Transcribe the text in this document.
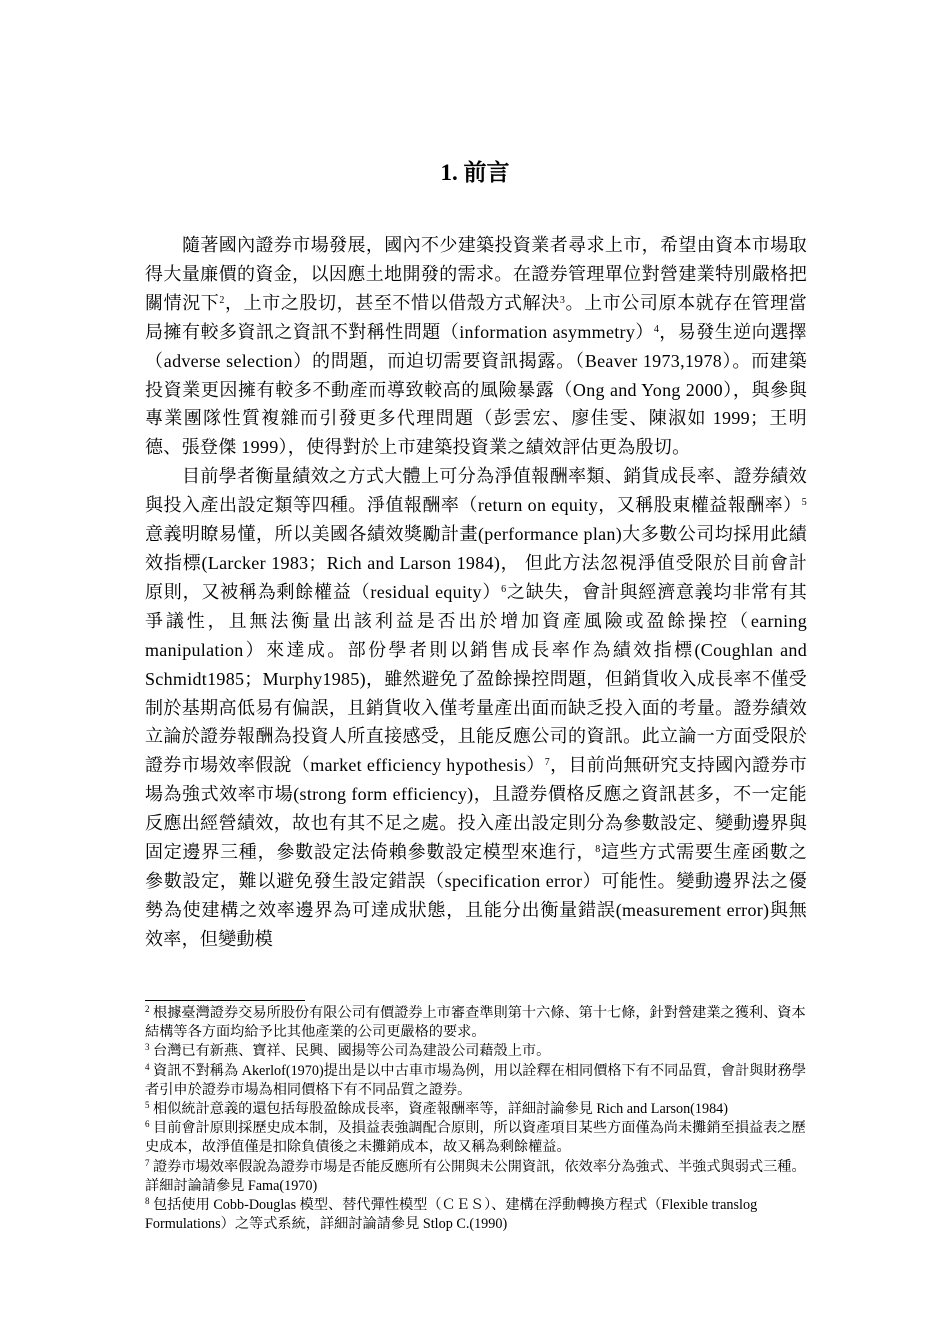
1. 前言

隨著國內證券市場發展，國內不少建築投資業者尋求上市，希望由資本市場取得大量廉價的資金，以因應土地開發的需求。在證券管理單位對營建業特別嚴格把關情況下$^2$，上市之股切，甚至不惜以借殼方式解決$^3$。上市公司原本就存在管理當局擁有較多資訊之資訊不對稱性問題（information asymmetry）$^4$，易發生逆向選擇（adverse selection）的問題，而迫切需要資訊揭露。（Beaver 1973,1978）。而建築投資業更因擁有較多不動產而導致較高的風險暴露（Ong and Yong 2000），與參與專業團隊性質複雜而引發更多代理問題（彭雲宏、廖佳雯、陳淑如 1999；王明德、張登傑 1999），使得對於上市建築投資業之績效評估更為殷切。

目前學者衡量績效之方式大體上可分為淨值報酬率類、銷貨成長率、證券績效與投入產出設定類等四種。淨值報酬率（return on equity，又稱股東權益報酬率）$^5$意義明瞭易懂，所以美國各績效獎勵計畫(performance plan)大多數公司均採用此績效指標(Larcker 1983；Rich and Larson 1984)， 但此方法忽視淨值受限於目前會計原則，又被稱為剩餘權益（residual equity）$^6$之缺失，會計與經濟意義均非常有其爭議性，且無法衡量出該利益是否出於增加資產風險或盈餘操控（earning manipulation）來達成。部份學者則以銷售成長率作為績效指標(Coughlan and Schmidt1985；Murphy1985)，雖然避免了盈餘操控問題，但銷貨收入成長率不僅受制於基期高低易有偏誤，且銷貨收入僅考量產出面而缺乏投入面的考量。證券績效立論於證券報酬為投資人所直接感受，且能反應公司的資訊。此立論一方面受限於證券市場效率假說（market efficiency hypothesis）$^7$，目前尚無研究支持國內證券市場為強式效率市場(strong form efficiency)，且證券價格反應之資訊甚多，不一定能反應出經營績效，故也有其不足之處。投入產出設定則分為參數設定、變動邊界與固定邊界三種，參數設定法倚賴參數設定模型來進行，$^8$這些方式需要生產函數之參數設定，難以避免發生設定錯誤（specification error）可能性。變動邊界法之優勢為使建構之效率邊界為可達成狀態，且能分出衡量錯誤(measurement error)與無效率，但變動模

$^2$ 根據臺灣證券交易所股份有限公司有價證券上市審查準則第十六條、第十七條，針對營建業之獲利、資本結構等各方面均給予比其他產業的公司更嚴格的要求。

$^3$ 台灣已有新燕、寶祥、民興、國揚等公司為建設公司藉殼上市。

$^4$ 資訊不對稱為 Akerlof(1970)提出是以中古車市場為例，用以詮釋在相同價格下有不同品質，會計與財務學者引申於證券市場為相同價格下有不同品質之證券。

$^5$ 相似統計意義的還包括每股盈餘成長率，資產報酬率等，詳細討論參見 Rich and Larson(1984)

$^6$ 目前會計原則採歷史成本制，及損益表強調配合原則，所以資產項目某些方面僅為尚未攤銷至損益表之歷史成本，故淨值僅是扣除負債後之未攤銷成本，故又稱為剩餘權益。

$^7$ 證券市場效率假說為證券市場是否能反應所有公開與未公開資訊，依效率分為強式、半強式與弱式三種。詳細討論請參見 Fama(1970)

$^8$ 包括使用 Cobb-Douglas 模型、替代彈性模型（ＣＥＳ）、建構在浮動轉換方程式（Flexible translog Formulations）之等式系統，詳細討論請參見 Stlop C.(1990)
